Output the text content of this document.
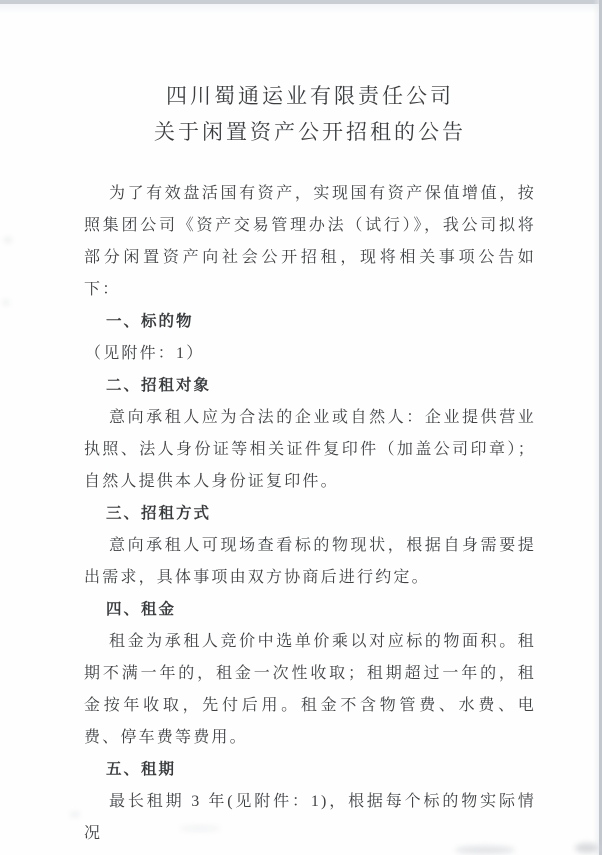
四川蜀通运业有限责任公司
关于闲置资产公开招租的公告

为了有效盘活国有资产，实现国有资产保值增值，按照集团公司《资产交易管理办法（试行）》，我公司拟将部分闲置资产向社会公开招租，现将相关事项公告如下：

一、标的物

（见附件：1）

二、招租对象

意向承租人应为合法的企业或自然人：企业提供营业执照、法人身份证等相关证件复印件（加盖公司印章）；自然人提供本人身份证复印件。

三、招租方式

意向承租人可现场查看标的物现状，根据自身需要提出需求，具体事项由双方协商后进行约定。

四、租金

租金为承租人竞价中选单价乘以对应标的物面积。租期不满一年的，租金一次性收取；租期超过一年的，租金按年收取，先付后用。租金不含物管费、水费、电费、停车费等费用。

五、租期

最长租期 3 年(见附件：1)，根据每个标的物实际情况
